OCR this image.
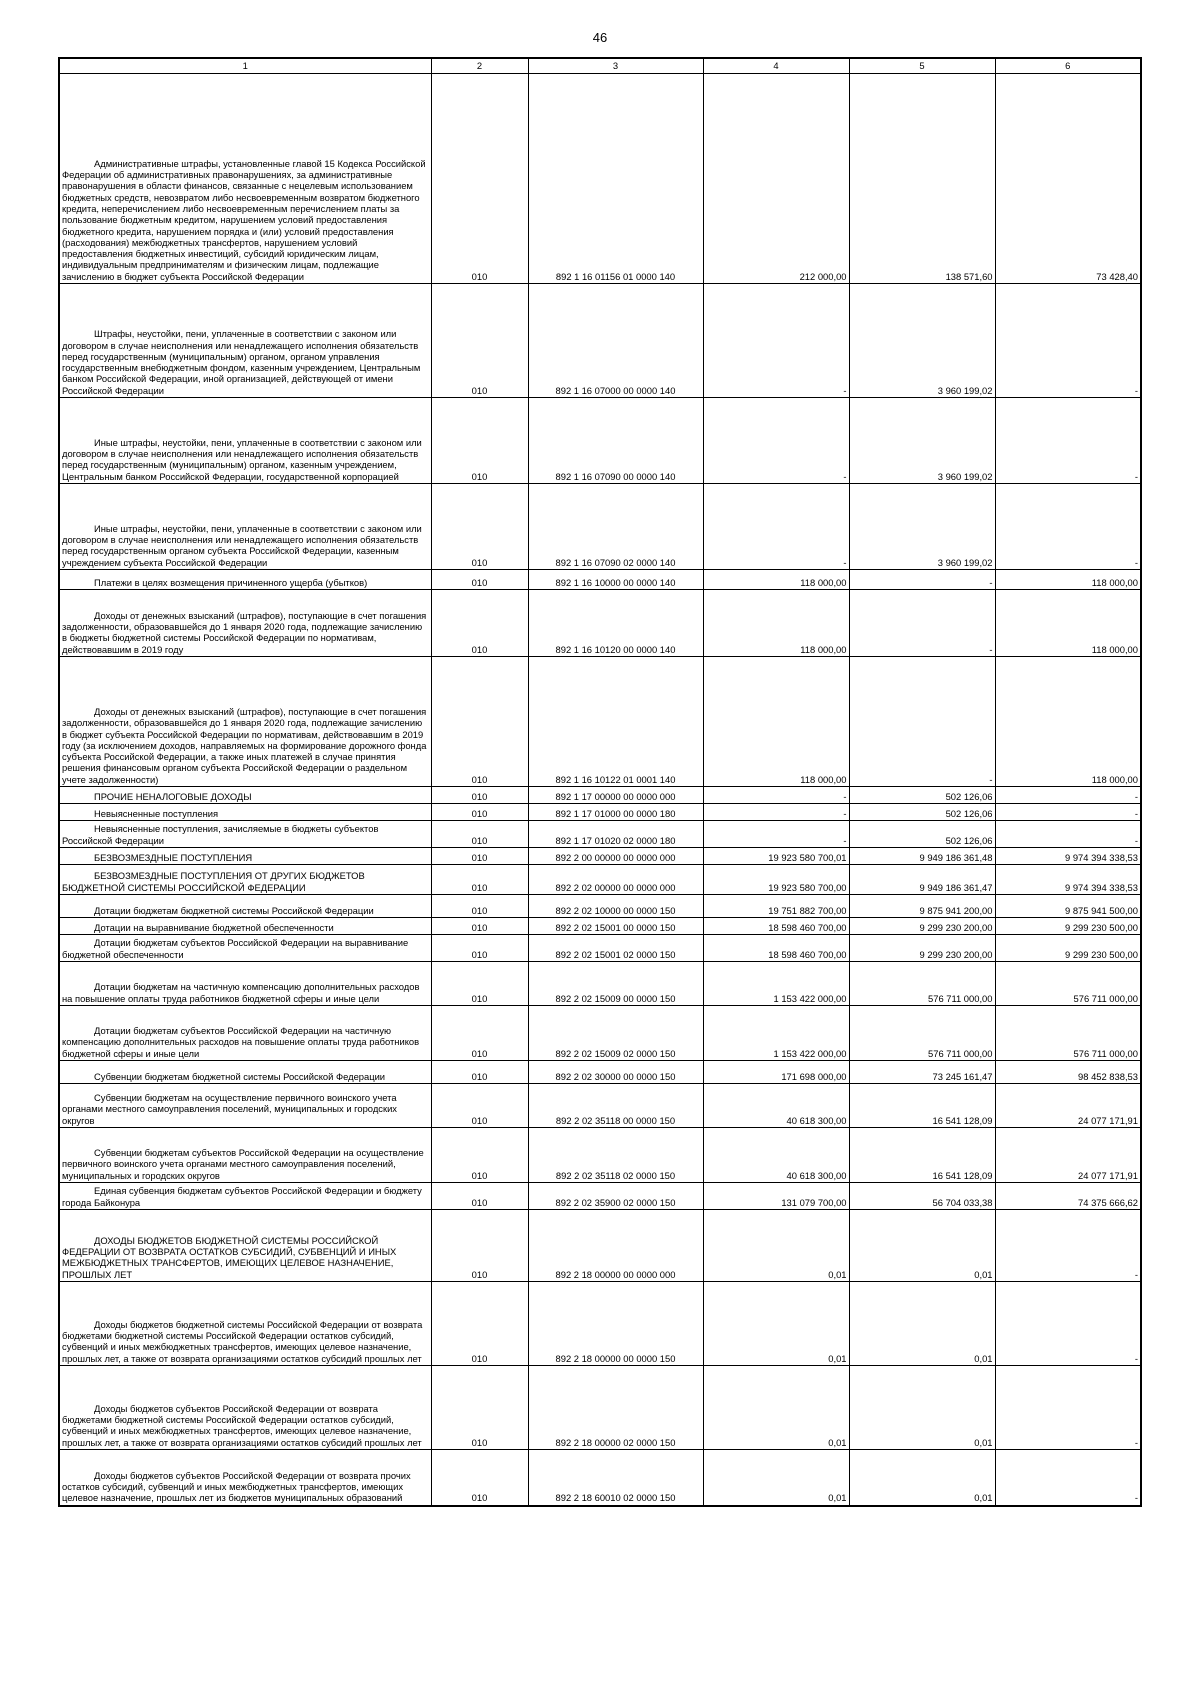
46
1	2	3	4	5	6

Административные штрафы, установленные главой 15 Кодекса Российской Федерации об административных правонарушениях, за административные правонарушения в области финансов, связанные с нецелевым использованием бюджетных средств, невозвратом либо несвоевременным возвратом бюджетного кредита, неперечислением либо несвоевременным перечислением платы за пользование бюджетным кредитом, нарушением условий предоставления бюджетного кредита, нарушением порядка и (или) условий предоставления (расходования) межбюджетных трансфертов, нарушением условий предоставления бюджетных инвестиций, субсидий юридическим лицам, индивидуальным предпринимателям и физическим лицам, подлежащие зачислению в бюджет субъекта Российской Федерации	010	892 1 16 01156 01 0000 140	212 000,00	138 571,60	73 428,40

Штрафы, неустойки, пени, уплаченные в соответствии с законом или договором в случае неисполнения или ненадлежащего исполнения обязательств перед государственным (муниципальным) органом, органом управления государственным внебюджетным фондом, казенным учреждением, Центральным банком Российской Федерации, иной организацией, действующей от имени Российской Федерации	010	892 1 16 07000 00 0000 140	-	3 960 199,02	-

Иные штрафы, неустойки, пени, уплаченные в соответствии с законом или договором в случае неисполнения или ненадлежащего исполнения обязательств перед государственным (муниципальным) органом, казенным учреждением, Центральным банком Российской Федерации, государственной корпорацией	010	892 1 16 07090 00 0000 140	-	3 960 199,02	-

Иные штрафы, неустойки, пени, уплаченные в соответствии с законом или договором в случае неисполнения или ненадлежащего исполнения обязательств перед государственным органом субъекта Российской Федерации, казенным учреждением субъекта Российской Федерации	010	892 1 16 07090 02 0000 140	-	3 960 199,02	-

Платежи в целях возмещения причиненного ущерба (убытков)	010	892 1 16 10000 00 0000 140	118 000,00	-	118 000,00

Доходы от денежных взысканий (штрафов), поступающие в счет погашения задолженности, образовавшейся до 1 января 2020 года, подлежащие зачислению в бюджеты бюджетной системы Российской Федерации по нормативам, действовавшим в 2019 году	010	892 1 16 10120 00 0000 140	118 000,00	-	118 000,00

Доходы от денежных взысканий (штрафов), поступающие в счет погашения задолженности, образовавшейся до 1 января 2020 года, подлежащие зачислению в бюджет субъекта Российской Федерации по нормативам, действовавшим в 2019 году (за исключением доходов, направляемых на формирование дорожного фонда субъекта Российской Федерации, а также иных платежей в случае принятия решения финансовым органом субъекта Российской Федерации о раздельном учете задолженности)	010	892 1 16 10122 01 0001 140	118 000,00	-	118 000,00

ПРОЧИЕ НЕНАЛОГОВЫЕ ДОХОДЫ	010	892 1 17 00000 00 0000 000	-	502 126,06	-

Невыясненные поступления	010	892 1 17 01000 00 0000 180	-	502 126,06	-

Невыясненные поступления, зачисляемые в бюджеты субъектов Российской Федерации	010	892 1 17 01020 02 0000 180	-	502 126,06	-

БЕЗВОЗМЕЗДНЫЕ ПОСТУПЛЕНИЯ	010	892 2 00 00000 00 0000 000	19 923 580 700,01	9 949 186 361,48	9 974 394 338,53

БЕЗВОЗМЕЗДНЫЕ ПОСТУПЛЕНИЯ ОТ ДРУГИХ БЮДЖЕТОВ БЮДЖЕТНОЙ СИСТЕМЫ РОССИЙСКОЙ ФЕДЕРАЦИИ	010	892 2 02 00000 00 0000 000	19 923 580 700,00	9 949 186 361,47	9 974 394 338,53

Дотации бюджетам бюджетной системы Российской Федерации	010	892 2 02 10000 00 0000 150	19 751 882 700,00	9 875 941 200,00	9 875 941 500,00

Дотации на выравнивание бюджетной обеспеченности	010	892 2 02 15001 00 0000 150	18 598 460 700,00	9 299 230 200,00	9 299 230 500,00

Дотации бюджетам субъектов Российской Федерации на выравнивание бюджетной обеспеченности	010	892 2 02 15001 02 0000 150	18 598 460 700,00	9 299 230 200,00	9 299 230 500,00

Дотации бюджетам на частичную компенсацию дополнительных расходов на повышение оплаты труда работников бюджетной сферы и иные цели	010	892 2 02 15009 00 0000 150	1 153 422 000,00	576 711 000,00	576 711 000,00

Дотации бюджетам субъектов Российской Федерации на частичную компенсацию дополнительных расходов на повышение оплаты труда работников бюджетной сферы и иные цели	010	892 2 02 15009 02 0000 150	1 153 422 000,00	576 711 000,00	576 711 000,00

Субвенции бюджетам бюджетной системы Российской Федерации	010	892 2 02 30000 00 0000 150	171 698 000,00	73 245 161,47	98 452 838,53

Субвенции бюджетам на осуществление первичного воинского учета органами местного самоуправления поселений, муниципальных и городских округов	010	892 2 02 35118 00 0000 150	40 618 300,00	16 541 128,09	24 077 171,91

Субвенции бюджетам субъектов Российской Федерации на осуществление первичного воинского учета органами местного самоуправления поселений, муниципальных и городских округов	010	892 2 02 35118 02 0000 150	40 618 300,00	16 541 128,09	24 077 171,91

Единая субвенция бюджетам субъектов Российской Федерации и бюджету города Байконура	010	892 2 02 35900 02 0000 150	131 079 700,00	56 704 033,38	74 375 666,62

ДОХОДЫ БЮДЖЕТОВ БЮДЖЕТНОЙ СИСТЕМЫ РОССИЙСКОЙ ФЕДЕРАЦИИ ОТ ВОЗВРАТА ОСТАТКОВ СУБСИДИЙ, СУБВЕНЦИЙ И ИНЫХ МЕЖБЮДЖЕТНЫХ ТРАНСФЕРТОВ, ИМЕЮЩИХ ЦЕЛЕВОЕ НАЗНАЧЕНИЕ, ПРОШЛЫХ ЛЕТ	010	892 2 18 00000 00 0000 000	0,01	0,01	-

Доходы бюджетов бюджетной системы Российской Федерации от возврата бюджетами бюджетной системы Российской Федерации остатков субсидий, субвенций и иных межбюджетных трансфертов, имеющих целевое назначение, прошлых лет, а также от возврата организациями остатков субсидий прошлых лет	010	892 2 18 00000 00 0000 150	0,01	0,01	-

Доходы бюджетов субъектов Российской Федерации от возврата бюджетами бюджетной системы Российской Федерации остатков субсидий, субвенций и иных межбюджетных трансфертов, имеющих целевое назначение, прошлых лет, а также от возврата организациями остатков субсидий прошлых лет	010	892 2 18 00000 02 0000 150	0,01	0,01	-

Доходы бюджетов субъектов Российской Федерации от возврата прочих остатков субсидий, субвенций и иных межбюджетных трансфертов, имеющих целевое назначение, прошлых лет из бюджетов муниципальных образований	010	892 2 18 60010 02 0000 150	0,01	0,01	-
